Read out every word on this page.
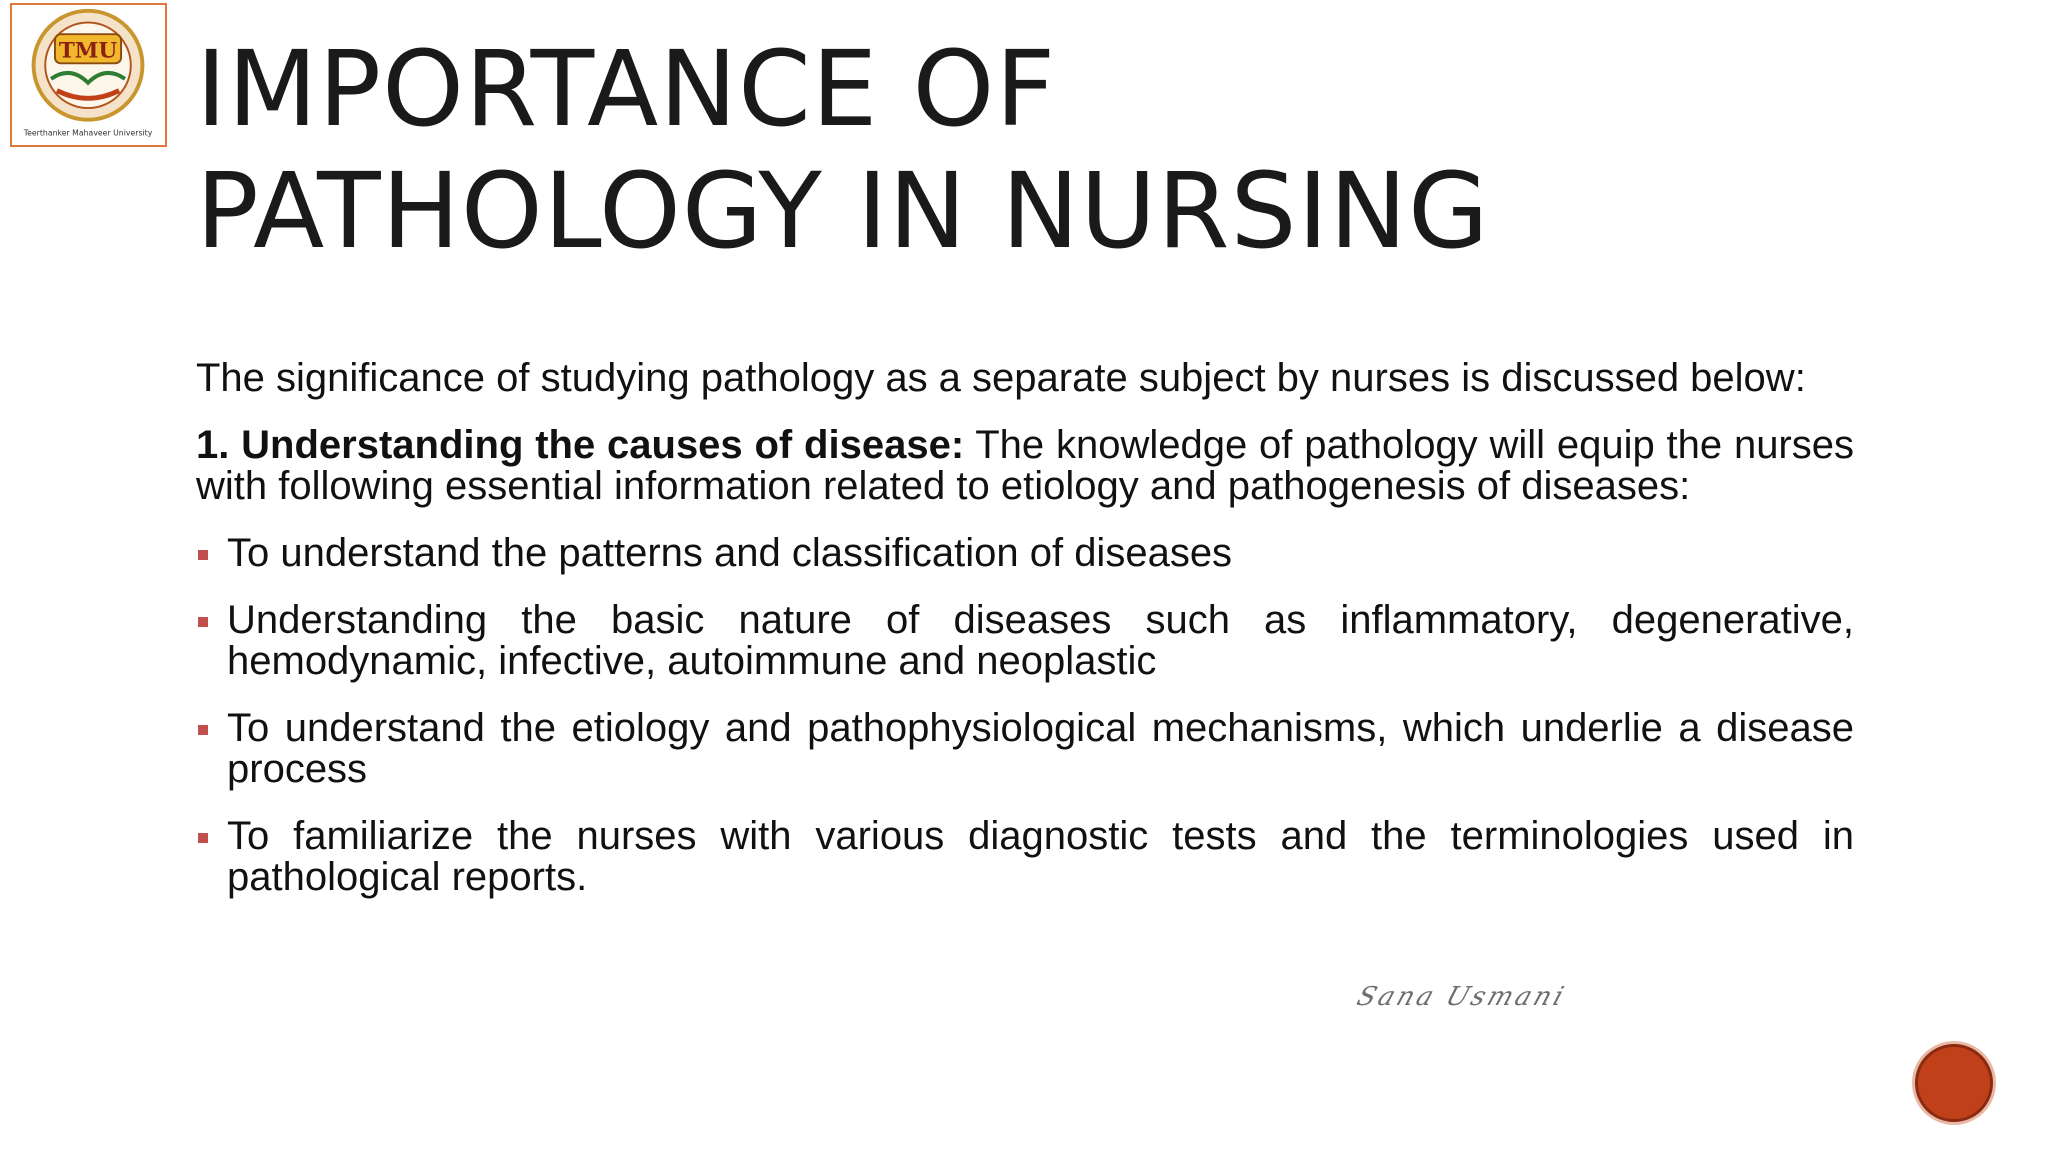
TMU
Teerthanker Mahaveer University IMPORTANCE OF
PATHOLOGY IN NURSING

The significance of studying pathology as a separate subject by nurses is discussed below:

1. Understanding the causes of disease: The knowledge of pathology will equip the nurses with following essential information related to etiology and pathogenesis of diseases:

To understand the patterns and classification of diseases
Understanding the basic nature of diseases such as inflammatory, degenerative, hemodynamic, infective, autoimmune and neoplastic
To understand the etiology and pathophysiological mechanisms, which underlie a disease process
To familiarize the nurses with various diagnostic tests and the terminologies used in pathological reports.
Sana Usmani
